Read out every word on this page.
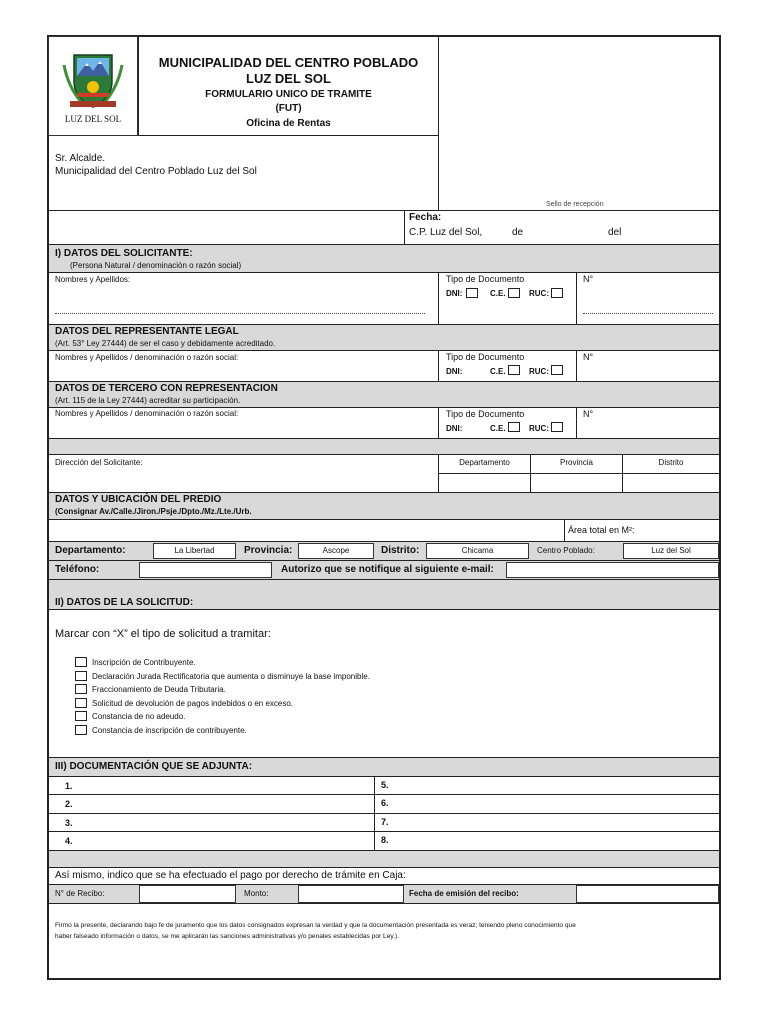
LUZ DEL SOL
MUNICIPALIDAD DEL CENTRO POBLADO
LUZ DEL SOL
FORMULARIO UNICO DE TRAMITE
(FUT)
Oficina de Rentas
Sello de recepción
Sr. Alcalde.
Municipalidad del Centro Poblado Luz del Sol
Fecha:
C.P. Luz del Sol,	de	del
I) DATOS DEL SOLICITANTE:
(Persona Natural / denominación o razón social)
Nombres y Apellidos:	Tipo de Documento
DNI:	C.E.	RUC:
N°
DATOS DEL REPRESENTANTE LEGAL
(Art. 53° Ley 27444) de ser el caso y debidamente acreditado.
Nombres y Apellidos / denominación o razón social:	Tipo de Documento
DNI:	C.E.	RUC:
N°
DATOS DE TERCERO CON REPRESENTACION
(Art. 115 de la Ley 27444) acreditar su participación.
Nombres y Apellidos / denominación o razón social:	Tipo de Documento
DNI:	C.E.	RUC:
N°
Dirección del Solicitante:	Departamento	Provincia	Distrito
DATOS Y UBICACIÓN DEL PREDIO
(Consignar Av./Calle./Jiron./Psje./Dpto./Mz./Lte./Urb.
Área total en M²:
Departamento:	La Libertad	Provincia:	Ascope	Distrito:	Chicama	Centro Poblado:	Luz del Sol
Teléfono:	Autorizo que se notifique al siguiente e-mail:
II) DATOS DE LA SOLICITUD:
Marcar con “X” el tipo de solicitud a tramitar:
Inscripción de Contribuyente.
Declaración Jurada Rectificatoria que aumenta o disminuye la base imponible.
Fraccionamiento de Deuda Tributaria.
Solicitud de devolución de pagos indebidos o en exceso.
Constancia de no adeudo.
Constancia de inscripción de contribuyente.
III) DOCUMENTACIÓN QUE SE ADJUNTA:
1.
2.
3.
4.
5.
6.
7.
8.
Así mismo, indico que se ha efectuado el pago por derecho de trámite en Caja:
N° de Recibo:	Monto:	Fecha de emisión del recibo:
Firmo la presente, declarando bajo fe de juramento que los datos consignados expresan la verdad y que la documentación presentada es veraz; teniendo pleno conocimiento que
haber falseado información o datos, se me aplicarán las sanciones administrativas y/o penales establecidas por Ley.).
